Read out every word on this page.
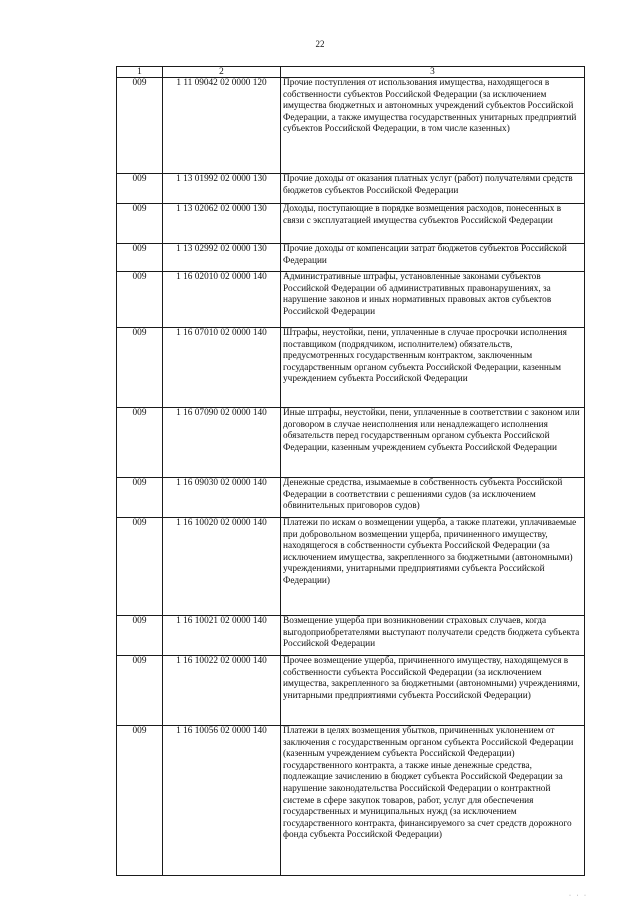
22
1	2	3
009	1 11 09042 02 0000 120	Прочие поступления от использования имущества, находящегося в собственности субъектов Российской Федерации (за исключением имущества бюджетных и автономных учреждений субъектов Российской Федерации, а также имущества государственных унитарных предприятий субъектов Российской Федерации, в том числе казенных)
009	1 13 01992 02 0000 130	Прочие доходы от оказания платных услуг (работ) получателями средств бюджетов субъектов Российской Федерации
009	1 13 02062 02 0000 130	Доходы, поступающие в порядке возмещения расходов, понесенных в связи с эксплуатацией имущества субъектов Российской Федерации
009	1 13 02992 02 0000 130	Прочие доходы от компенсации затрат бюджетов субъектов Российской Федерации
009	1 16 02010 02 0000 140	Административные штрафы, установленные законами субъектов Российской Федерации об административных правонарушениях, за нарушение законов и иных нормативных правовых актов субъектов Российской Федерации
009	1 16 07010 02 0000 140	Штрафы, неустойки, пени, уплаченные в случае просрочки исполнения поставщиком (подрядчиком, исполнителем) обязательств, предусмотренных государственным контрактом, заключенным государственным органом субъекта Российской Федерации, казенным учреждением субъекта Российской Федерации
009	1 16 07090 02 0000 140	Иные штрафы, неустойки, пени, уплаченные в соответствии с законом или договором в случае неисполнения или ненадлежащего исполнения обязательств перед государственным органом субъекта Российской Федерации, казенным учреждением субъекта Российской Федерации
009	1 16 09030 02 0000 140	Денежные средства, изымаемые в собственность субъекта Российской Федерации в соответствии с решениями судов (за исключением обвинительных приговоров судов)
009	1 16 10020 02 0000 140	Платежи по искам о возмещении ущерба, а также платежи, уплачиваемые при добровольном возмещении ущерба, причиненного имуществу, находящегося в собственности субъекта Российской Федерации (за исключением имущества, закрепленного за бюджетными (автономными) учреждениями, унитарными предприятиями субъекта Российской Федерации)
009	1 16 10021 02 0000 140	Возмещение ущерба при возникновении страховых случаев, когда выгодоприобретателями выступают получатели средств бюджета субъекта Российской Федерации
009	1 16 10022 02 0000 140	Прочее возмещение ущерба, причиненного имуществу, находящемуся в собственности субъекта Российской Федерации (за исключением имущества, закрепленного за бюджетными (автономными) учреждениями, унитарными предприятиями субъекта Российской Федерации)
009	1 16 10056 02 0000 140	Платежи в целях возмещения убытков, причиненных уклонением от заключения с государственным органом субъекта Российской Федерации (казенным учреждением субъекта Российской Федерации) государственного контракта, а также иные денежные средства, подлежащие зачислению в бюджет субъекта Российской Федерации за нарушение законодательства Российской Федерации о контрактной системе в сфере закупок товаров, работ, услуг для обеспечения государственных и муниципальных нужд (за исключением государственного контракта, финансируемого за счет средств дорожного фонда субъекта Российской Федерации)
· · ·
